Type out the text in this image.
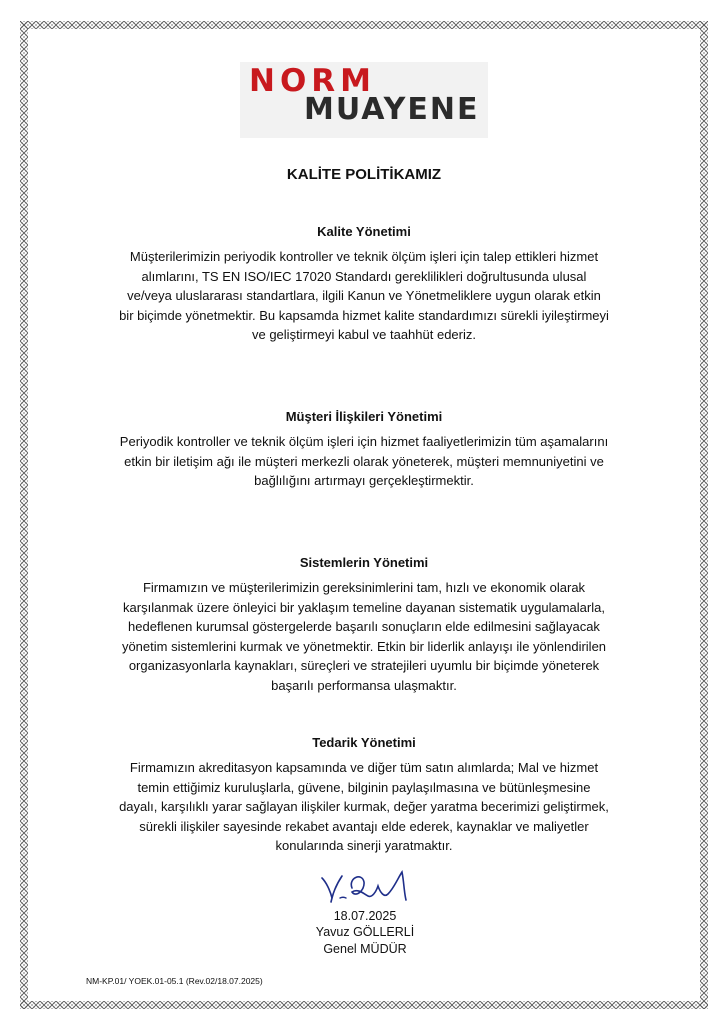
NORM
MUAYENE
KALİTE POLİTİKAMIZ
Kalite Yönetimi

Müşterilerimizin periyodik kontroller ve teknik ölçüm işleri için talep ettikleri hizmet
alımlarını, TS EN ISO/IEC 17020 Standardı gereklilikleri doğrultusunda ulusal
ve/veya uluslararası standartlara, ilgili Kanun ve Yönetmeliklere uygun olarak etkin
bir biçimde yönetmektir. Bu kapsamda hizmet kalite standardımızı sürekli iyileştirmeyi
ve geliştirmeyi kabul ve taahhüt ederiz.

Müşteri İlişkileri Yönetimi

Periyodik kontroller ve teknik ölçüm işleri için hizmet faaliyetlerimizin tüm aşamalarını
etkin bir iletişim ağı ile müşteri merkezli olarak yöneterek, müşteri memnuniyetini ve
bağlılığını artırmayı gerçekleştirmektir.

Sistemlerin Yönetimi

Firmamızın ve müşterilerimizin gereksinimlerini tam, hızlı ve ekonomik olarak
karşılanmak üzere önleyici bir yaklaşım temeline dayanan sistematik uygulamalarla,
hedeflenen kurumsal göstergelerde başarılı sonuçların elde edilmesini sağlayacak
yönetim sistemlerini kurmak ve yönetmektir. Etkin bir liderlik anlayışı ile yönlendirilen
organizasyonlarla kaynakları, süreçleri ve stratejileri uyumlu bir biçimde yöneterek
başarılı performansa ulaşmaktır.

Tedarik Yönetimi

Firmamızın akreditasyon kapsamında ve diğer tüm satın alımlarda; Mal ve hizmet
temin ettiğimiz kuruluşlarla, güvene, bilginin paylaşılmasına ve bütünleşmesine
dayalı, karşılıklı yarar sağlayan ilişkiler kurmak, değer yaratma becerimizi geliştirmek,
sürekli ilişkiler sayesinde rekabet avantajı elde ederek, kaynaklar ve maliyetler
konularında sinerji yaratmaktır.

18.07.2025
Yavuz GÖLLERLİ
Genel MÜDÜR
NM-KP.01/ YOEK.01-05.1 (Rev.02/18.07.2025)
